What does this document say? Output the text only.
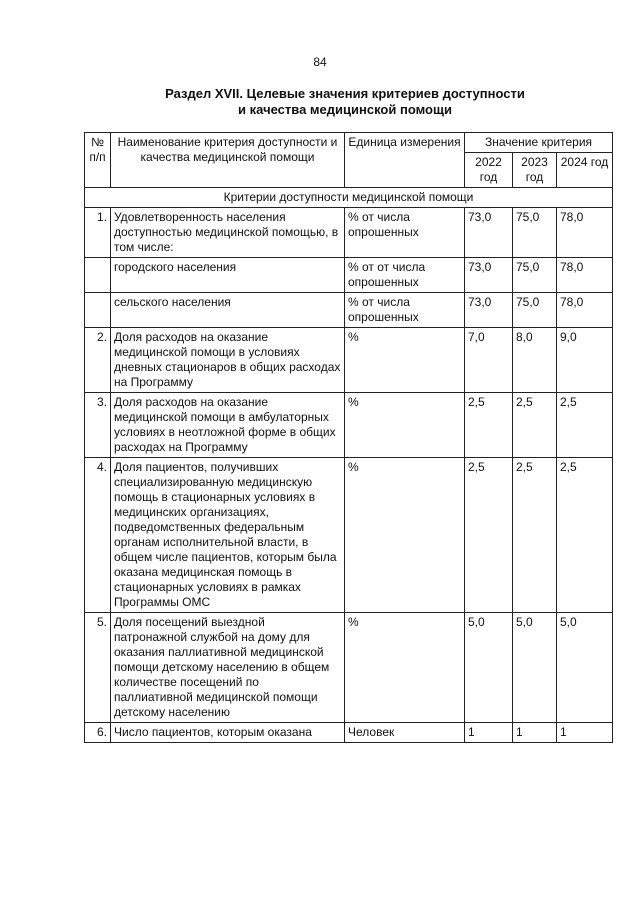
84
Раздел XVII. Целевые значения критериев доступности
и качества медицинской помощи
№ п/п	Наименование критерия доступности и качества медицинской помощи	Единица измерения	Значение критерия		
			2022 год	2023 год	2024 год
Критерии доступности медицинской помощи					
1.	Удовлетворенность населения доступностью медицинской помощью, в том числе:	% от числа опрошенных	73,0	75,0	78,0
	городского населения	% от от числа опрошенных	73,0	75,0	78,0
	сельского населения	% от числа опрошенных	73,0	75,0	78,0
2.	Доля расходов на оказание медицинской помощи в условиях дневных стационаров в общих расходах на Программу	%	7,0	8,0	9,0
3.	Доля расходов на оказание медицинской помощи в амбулаторных условиях в неотложной форме в общих расходах на Программу	%	2,5	2,5	2,5
4.	Доля пациентов, получивших специализированную медицинскую помощь в стационарных условиях в медицинских организациях, подведомственных федеральным органам исполнительной власти, в общем числе пациентов, которым была оказана медицинская помощь в стационарных условиях в рамках Программы ОМС	%	2,5	2,5	2,5
5.	Доля посещений выездной патронажной службой на дому для оказания паллиативной медицинской помощи детскому населению в общем количестве посещений по паллиативной медицинской помощи детскому населению	%	5,0	5,0	5,0
6.	Число пациентов, которым оказана	Человек	1	1	1
